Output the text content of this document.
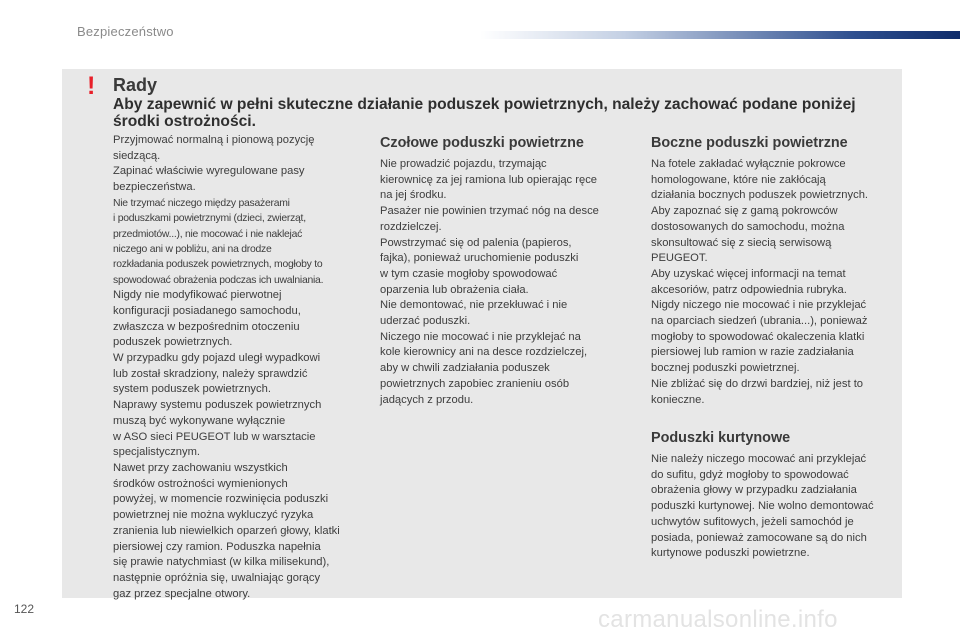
Bezpieczeństwo
! Rady
Aby zapewnić w pełni skuteczne działanie poduszek powietrznych, należy zachować podane poniżej środki ostrożności.

Przyjmować normalną i pionową pozycję

siedzącą.

Zapinać właściwie wyregulowane pasy

bezpieczeństwa.

Nie trzymać niczego między pasażerami

i poduszkami powietrznymi (dzieci, zwierząt,

przedmiotów...), nie mocować i nie naklejać

niczego ani w pobliżu, ani na drodze

rozkładania poduszek powietrznych, mogłoby to

spowodować obrażenia podczas ich uwalniania.

Nigdy nie modyfikować pierwotnej

konfiguracji posiadanego samochodu,

zwłaszcza w bezpośrednim otoczeniu

poduszek powietrznych.

W przypadku gdy pojazd uległ wypadkowi

lub został skradziony, należy sprawdzić

system poduszek powietrznych.

Naprawy systemu poduszek powietrznych

muszą być wykonywane wyłącznie

w ASO sieci PEUGEOT lub w warsztacie

specjalistycznym.

Nawet przy zachowaniu wszystkich

środków ostrożności wymienionych

powyżej, w momencie rozwinięcia poduszki

powietrznej nie można wykluczyć ryzyka

zranienia lub niewielkich oparzeń głowy, klatki

piersiowej czy ramion. Poduszka napełnia

się prawie natychmiast (w kilka milisekund),

następnie opróżnia się, uwalniając gorący

gaz przez specjalne otwory.

Czołowe poduszki powietrzne

Nie prowadzić pojazdu, trzymając

kierownicę za jej ramiona lub opierając ręce

na jej środku.

Pasażer nie powinien trzymać nóg na desce

rozdzielczej.

Powstrzymać się od palenia (papieros,

fajka), ponieważ uruchomienie poduszki

w tym czasie mogłoby spowodować

oparzenia lub obrażenia ciała.

Nie demontować, nie przekłuwać i nie

uderzać poduszki.

Niczego nie mocować i nie przyklejać na

kole kierownicy ani na desce rozdzielczej,

aby w chwili zadziałania poduszek

powietrznych zapobiec zranieniu osób

jadących z przodu.

Boczne poduszki powietrzne

Na fotele zakładać wyłącznie pokrowce

homologowane, które nie zakłócają

działania bocznych poduszek powietrznych.

Aby zapoznać się z gamą pokrowców

dostosowanych do samochodu, można

skonsultować się z siecią serwisową

PEUGEOT.

Aby uzyskać więcej informacji na temat

akcesoriów, patrz odpowiednia rubryka.

Nigdy niczego nie mocować i nie przyklejać

na oparciach siedzeń (ubrania...), ponieważ

mogłoby to spowodować okaleczenia klatki

piersiowej lub ramion w razie zadziałania

bocznej poduszki powietrznej.

Nie zbliżać się do drzwi bardziej, niż jest to

konieczne.

Poduszki kurtynowe

Nie należy niczego mocować ani przyklejać

do sufitu, gdyż mogłoby to spowodować

obrażenia głowy w przypadku zadziałania

poduszki kurtynowej. Nie wolno demontować

uchwytów sufitowych, jeżeli samochód je

posiada, ponieważ zamocowane są do nich

kurtynowe poduszki powietrzne.

122	carmanualsonline.info
